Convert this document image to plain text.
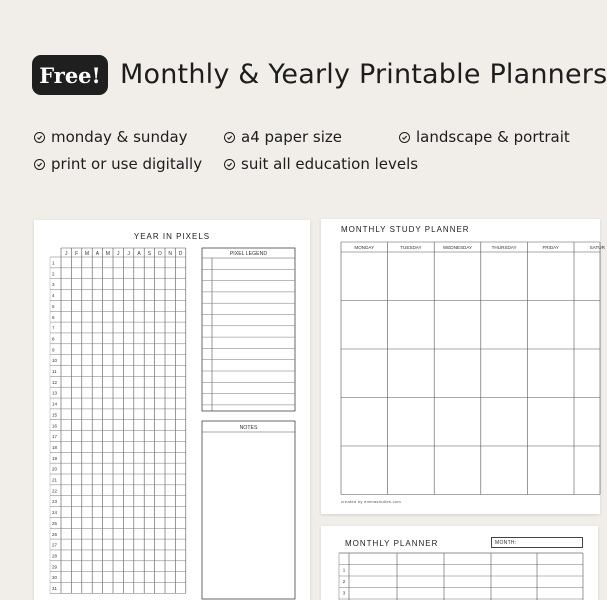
Free! Monthly & Yearly Printable Planners
monday & sunday	a4 paper size	landscape & portrait
print or use digitally	suit all education levels
YEAR IN PIXELS
J F M A M J J A S O N D
1
2
3
4
5
6
7
8
9
10
11
12
13
14
15
16
17
18
19
20
21
22
23
24
25
26
27
28
29
30
31
PIXEL LEGEND
NOTES
MONTHLY STUDY PLANNER
MONDAY	TUESDAY	WEDNESDAY	THURSDAY	FRIDAY	SATUR
created by emmastudies.com
MONTHLY PLANNER	MONTH:
1
2
3
